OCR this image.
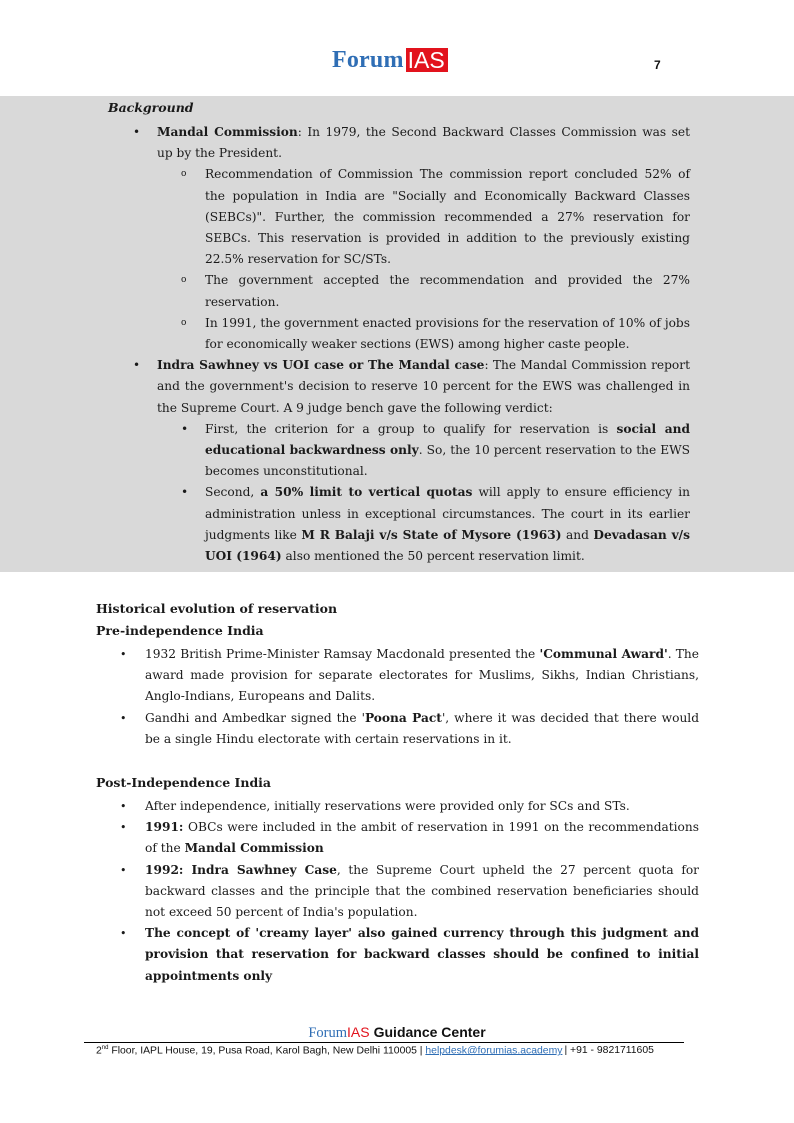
Forum IAS	7
Background
• Mandal Commission: In 1979, the Second Backward Classes Commission was set up by the President.
o Recommendation of Commission The commission report concluded 52% of the population in India are "Socially and Economically Backward Classes (SEBCs)". Further, the commission recommended a 27% reservation for SEBCs. This reservation is provided in addition to the previously existing 22.5% reservation for SC/STs.
o The government accepted the recommendation and provided the 27% reservation.
o In 1991, the government enacted provisions for the reservation of 10% of jobs for economically weaker sections (EWS) among higher caste people.
• Indra Sawhney vs UOI case or The Mandal case: The Mandal Commission report and the government's decision to reserve 10 percent for the EWS was challenged in the Supreme Court. A 9 judge bench gave the following verdict:
• First, the criterion for a group to qualify for reservation is social and educational backwardness only. So, the 10 percent reservation to the EWS becomes unconstitutional.
• Second, a 50% limit to vertical quotas will apply to ensure efficiency in administration unless in exceptional circumstances. The court in its earlier judgments like M R Balaji v/s State of Mysore (1963) and Devadasan v/s UOI (1964) also mentioned the 50 percent reservation limit.
Historical evolution of reservation
Pre-independence India
• 1932 British Prime-Minister Ramsay Macdonald presented the 'Communal Award'. The award made provision for separate electorates for Muslims, Sikhs, Indian Christians, Anglo-Indians, Europeans and Dalits.
• Gandhi and Ambedkar signed the 'Poona Pact', where it was decided that there would be a single Hindu electorate with certain reservations in it.
Post-Independence India
• After independence, initially reservations were provided only for SCs and STs.
• 1991: OBCs were included in the ambit of reservation in 1991 on the recommendations of the Mandal Commission
• 1992: Indra Sawhney Case, the Supreme Court upheld the 27 percent quota for backward classes and the principle that the combined reservation beneficiaries should not exceed 50 percent of India's population.
• The concept of 'creamy layer' also gained currency through this judgment and provision that reservation for backward classes should be confined to initial appointments only
ForumIAS Guidance Center
2nd Floor, IAPL House, 19, Pusa Road, Karol Bagh, New Delhi 110005 | helpdesk@forumias.academy | +91 - 9821711605
